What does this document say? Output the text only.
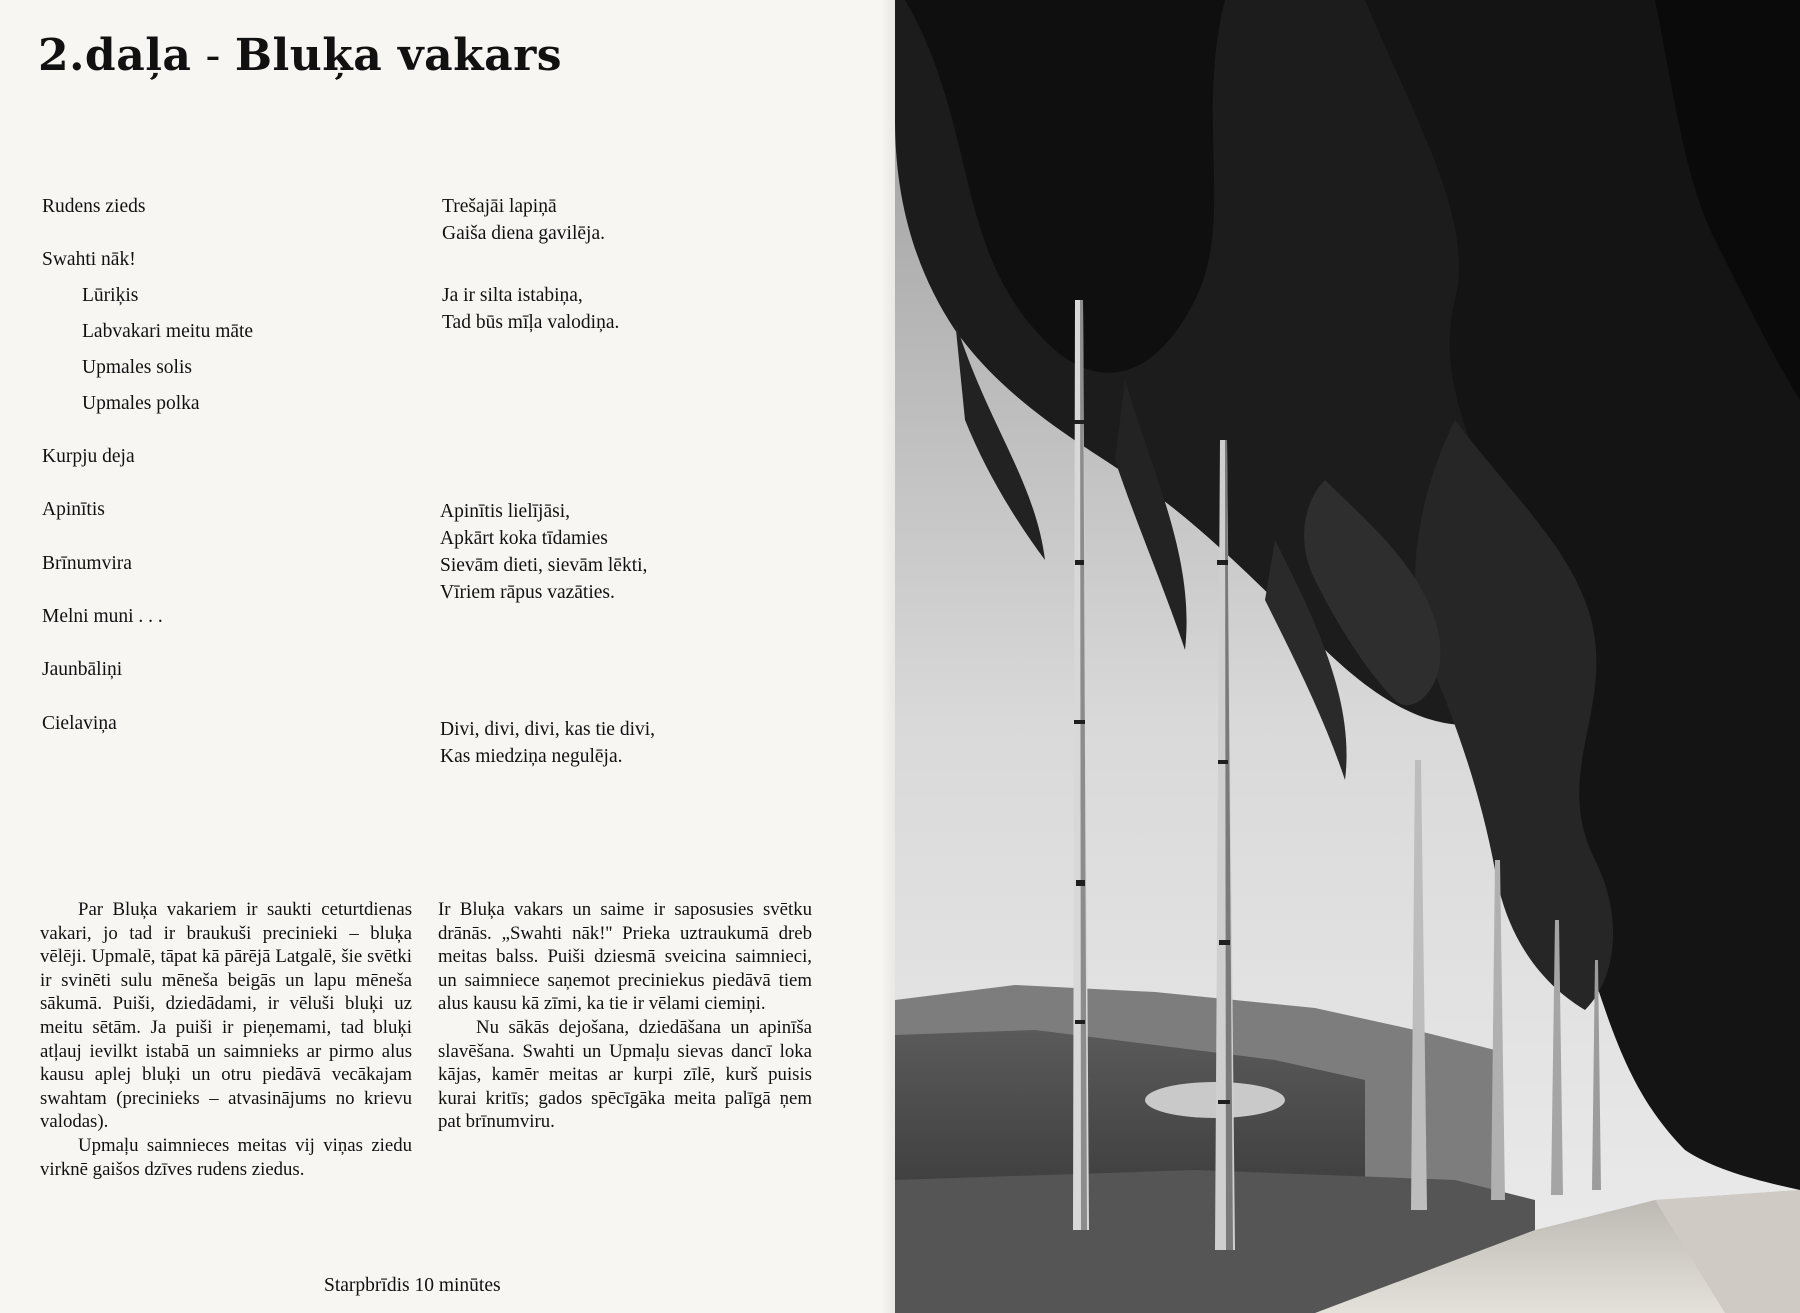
2.daļa - Bluķa vakars
Rudens zieds
Swahti nāk!
Lūriķis
Labvakari meitu māte
Upmales solis
Upmales polka
Kurpju deja
Apinītis
Brīnumvira
Melni muni . . .
Jaunbāliņi
Cielaviņa
Trešajāi lapiņā
Gaiša diena gavilēja.
Ja ir silta istabiņa,
Tad būs mīļa valodiņa.
Apinītis lielījāsi,
Apkārt koka tīdamies
Sievām dieti, sievām lēkti,
Vīriem rāpus vazāties.
Divi, divi, divi, kas tie divi,
Kas miedziņa negulēja.

Par Bluķa vakariem ir saukti ceturtdienas vakari, jo tad ir braukuši precinieki – bluķa vēlēji. Upmalē, tāpat kā pārējā Latgalē, šie svētki ir svinēti sulu mēneša beigās un lapu mēneša sākumā. Puiši, dziedādami, ir vēluši bluķi uz meitu sētām. Ja puiši ir pieņemami, tad bluķi atļauj ievilkt istabā un saimnieks ar pirmo alus kausu aplej bluķi un otru piedāvā vecākajam swahtam (precinieks – atvasinājums no krievu valodas).

Upmaļu saimnieces meitas vij viņas ziedu virknē gaišos dzīves rudens ziedus.

Ir Bluķa vakars un saime ir saposusies svētku drānās. „Swahti nāk!'' Prieka uztraukumā dreb meitas balss. Puiši dziesmā sveicina saimnieci, un saimniece saņemot preciniekus piedāvā tiem alus kausu kā zīmi, ka tie ir vēlami ciemiņi.

Nu sākās dejošana, dziedāšana un apinīša slavēšana. Swahti un Upmaļu sievas dancī loka kājas, kamēr meitas ar kurpi zīlē, kurš puisis kurai kritīs; gados spēcīgāka meita palīgā ņem pat brīnumviru.

Starpbrīdis 10 minūtes
